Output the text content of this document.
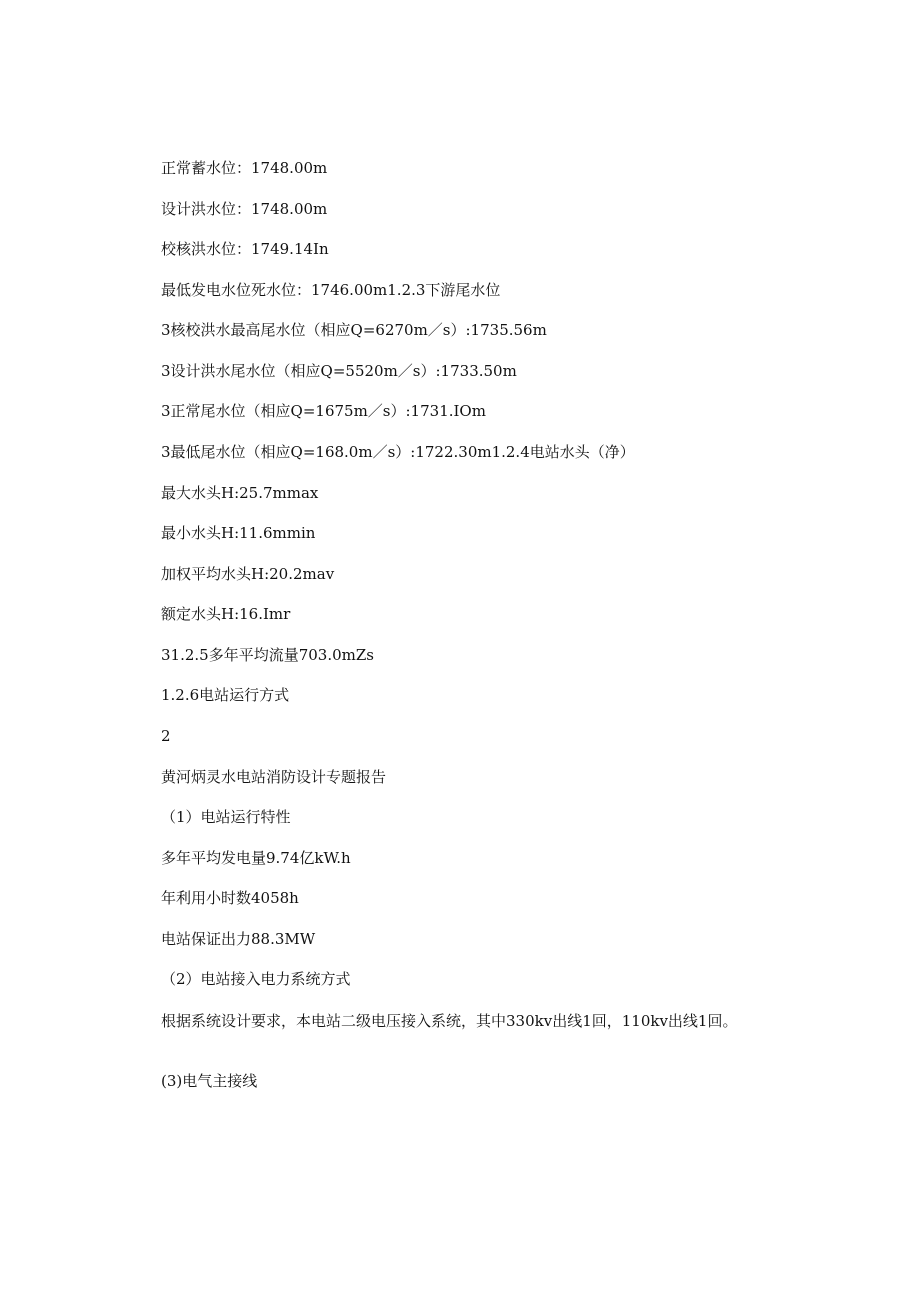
正常蓄水位：1748.00m

设计洪水位：1748.00m

校核洪水位：1749.14In

最低发电水位死水位：1746.00m1.2.3下游尾水位

3核校洪水最高尾水位（相应Q=6270m／s）:1735.56m

3设计洪水尾水位（相应Q=5520m／s）:1733.50m

3正常尾水位（相应Q=1675m／s）:1731.IOm

3最低尾水位（相应Q=168.0m／s）:1722.30m1.2.4电站水头（净）

最大水头H:25.7mmax

最小水头H:11.6mmin

加权平均水头H:20.2mav

额定水头H:16.Imr

31.2.5多年平均流量703.0mZs

1.2.6电站运行方式

2

黄河炳灵水电站消防设计专题报告

（1）电站运行特性

多年平均发电量9.74亿kW.h

年利用小时数4058h

电站保证出力88.3MW

（2）电站接入电力系统方式

根据系统设计要求，本电站二级电压接入系统，其中330kv出线1回，110kv出线1回。

(3)电气主接线
